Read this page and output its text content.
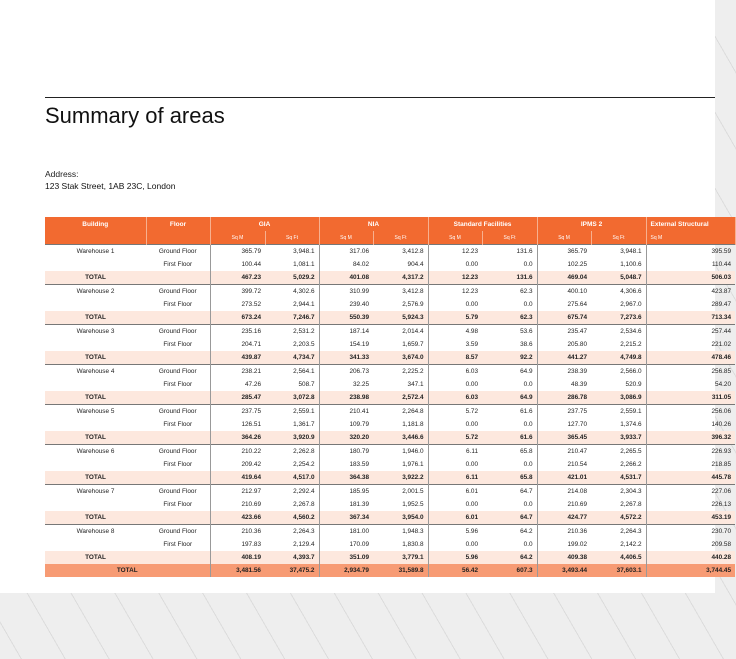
Summary of areas
Address:
123 Stak Street, 1AB 23C, London
Building	Floor	GIA		NIA		Standard Facilities		IPMS 2		External Structural
		Sq M	Sq Ft	Sq M	Sq Ft	Sq M	Sq Ft	Sq M	Sq Ft	Sq M
Warehouse 1	Ground Floor	365.79	3,948.1	317.06	3,412.8	12.23	131.6	365.79	3,948.1	395.59
	First Floor	100.44	1,081.1	84.02	904.4	0.00	0.0	102.25	1,100.6	110.44
TOTAL		467.23	5,029.2	401.08	4,317.2	12.23	131.6	469.04	5,048.7	506.03
Warehouse 2	Ground Floor	399.72	4,302.6	310.99	3,412.8	12.23	62.3	400.10	4,306.6	423.87
	First Floor	273.52	2,944.1	239.40	2,576.9	0.00	0.0	275.64	2,967.0	289.47
TOTAL		673.24	7,246.7	550.39	5,924.3	5.79	62.3	675.74	7,273.6	713.34
Warehouse 3	Ground Floor	235.16	2,531.2	187.14	2,014.4	4.98	53.6	235.47	2,534.6	257.44
	First Floor	204.71	2,203.5	154.19	1,659.7	3.59	38.6	205.80	2,215.2	221.02
TOTAL		439.87	4,734.7	341.33	3,674.0	8.57	92.2	441.27	4,749.8	478.46
Warehouse 4	Ground Floor	238.21	2,564.1	206.73	2,225.2	6.03	64.9	238.39	2,566.0	256.85
	First Floor	47.26	508.7	32.25	347.1	0.00	0.0	48.39	520.9	54.20
TOTAL		285.47	3,072.8	238.98	2,572.4	6.03	64.9	286.78	3,086.9	311.05
Warehouse 5	Ground Floor	237.75	2,559.1	210.41	2,264.8	5.72	61.6	237.75	2,559.1	256.06
	First Floor	126.51	1,361.7	109.79	1,181.8	0.00	0.0	127.70	1,374.6	140.26
TOTAL		364.26	3,920.9	320.20	3,446.6	5.72	61.6	365.45	3,933.7	396.32
Warehouse 6	Ground Floor	210.22	2,262.8	180.79	1,946.0	6.11	65.8	210.47	2,265.5	226.93
	First Floor	209.42	2,254.2	183.59	1,976.1	0.00	0.0	210.54	2,266.2	218.85
TOTAL		419.64	4,517.0	364.38	3,922.2	6.11	65.8	421.01	4,531.7	445.78
Warehouse 7	Ground Floor	212.97	2,292.4	185.95	2,001.5	6.01	64.7	214.08	2,304.3	227.06
	First Floor	210.69	2,267.8	181.39	1,952.5	0.00	0.0	210.69	2,267.8	226.13
TOTAL		423.66	4,560.2	367.34	3,954.0	6.01	64.7	424.77	4,572.2	453.19
Warehouse 8	Ground Floor	210.36	2,264.3	181.00	1,948.3	5.96	64.2	210.36	2,264.3	230.70
	First Floor	197.83	2,129.4	170.09	1,830.8	0.00	0.0	199.02	2,142.2	209.58
TOTAL		408.19	4,393.7	351.09	3,779.1	5.96	64.2	409.38	4,406.5	440.28
TOTAL		3,481.56	37,475.2	2,934.79	31,589.8	56.42	607.3	3,493.44	37,603.1	3,744.45
